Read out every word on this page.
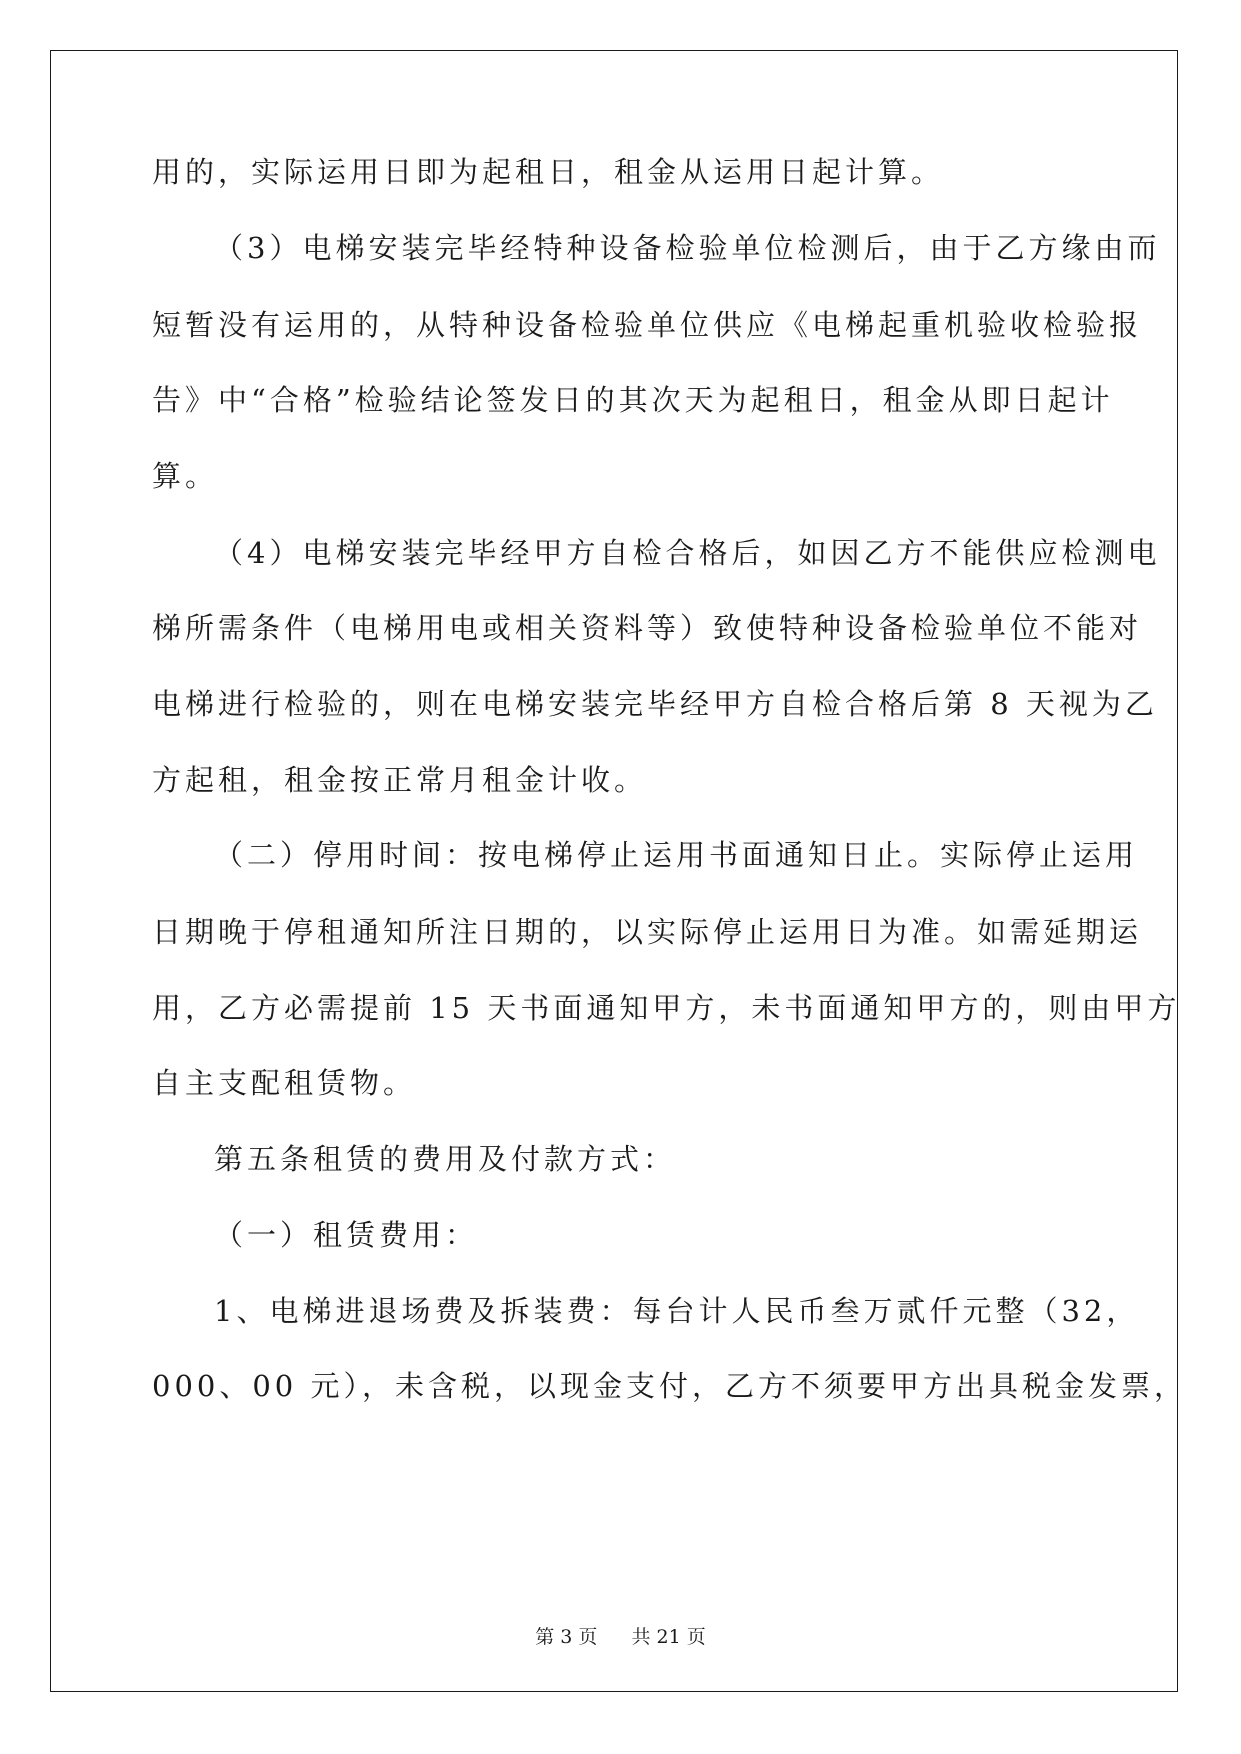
用的，实际运用日即为起租日，租金从运用日起计算。
（3）电梯安装完毕经特种设备检验单位检测后，由于乙方缘由而
短暂没有运用的，从特种设备检验单位供应《电梯起重机验收检验报
告》中“合格”检验结论签发日的其次天为起租日，租金从即日起计
算。
（4）电梯安装完毕经甲方自检合格后，如因乙方不能供应检测电
梯所需条件（电梯用电或相关资料等）致使特种设备检验单位不能对
电梯进行检验的，则在电梯安装完毕经甲方自检合格后第 8 天视为乙
方起租，租金按正常月租金计收。
（二）停用时间：按电梯停止运用书面通知日止。实际停止运用
日期晚于停租通知所注日期的，以实际停止运用日为准。如需延期运
用，乙方必需提前 15 天书面通知甲方，未书面通知甲方的，则由甲方
自主支配租赁物。
第五条租赁的费用及付款方式：
（一）租赁费用：
1、电梯进退场费及拆装费：每台计人民币叁万贰仟元整（32，
000、00 元），未含税，以现金支付，乙方不须要甲方出具税金发票，
第 3 页 共 21 页
